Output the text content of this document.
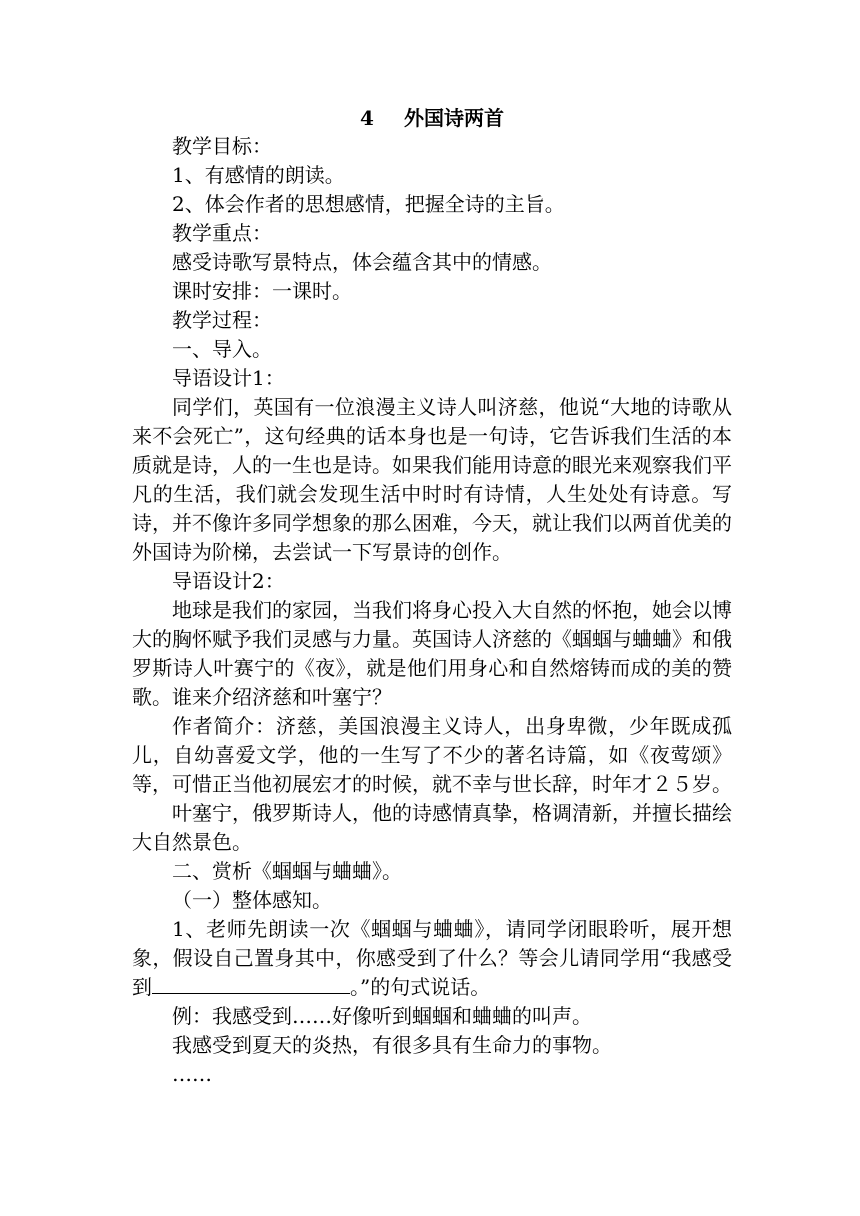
4 外国诗两首
教学目标：
1、有感情的朗读。
2、体会作者的思想感情，把握全诗的主旨。
教学重点：
感受诗歌写景特点，体会蕴含其中的情感。
课时安排：一课时。
教学过程：
一、导入。
导语设计1：

同学们，英国有一位浪漫主义诗人叫济慈，他说“大地的诗歌从来不会死亡”，这句经典的话本身也是一句诗，它告诉我们生活的本质就是诗，人的一生也是诗。如果我们能用诗意的眼光来观察我们平凡的生活，我们就会发现生活中时时有诗情，人生处处有诗意。写诗，并不像许多同学想象的那么困难，今天，就让我们以两首优美的外国诗为阶梯，去尝试一下写景诗的创作。

导语设计2：

地球是我们的家园，当我们将身心投入大自然的怀抱，她会以博大的胸怀赋予我们灵感与力量。英国诗人济慈的《蝈蝈与蛐蛐》和俄罗斯诗人叶赛宁的《夜》，就是他们用身心和自然熔铸而成的美的赞歌。谁来介绍济慈和叶塞宁？

作者简介：济慈，美国浪漫主义诗人，出身卑微，少年既成孤儿，自幼喜爱文学，他的一生写了不少的著名诗篇，如《夜莺颂》等，可惜正当他初展宏才的时候，就不幸与世长辞，时年才２５岁。

叶塞宁，俄罗斯诗人，他的诗感情真挚，格调清新，并擅长描绘大自然景色。

二、赏析《蝈蝈与蛐蛐》。
（一）整体感知。

1、老师先朗读一次《蝈蝈与蛐蛐》，请同学闭眼聆听，展开想象，假设自己置身其中，你感受到了什么？等会儿请同学用“我感受到	。”的句式说话。

例：我感受到……好像听到蝈蝈和蛐蛐的叫声。
我感受到夏天的炎热，有很多具有生命力的事物。
……
